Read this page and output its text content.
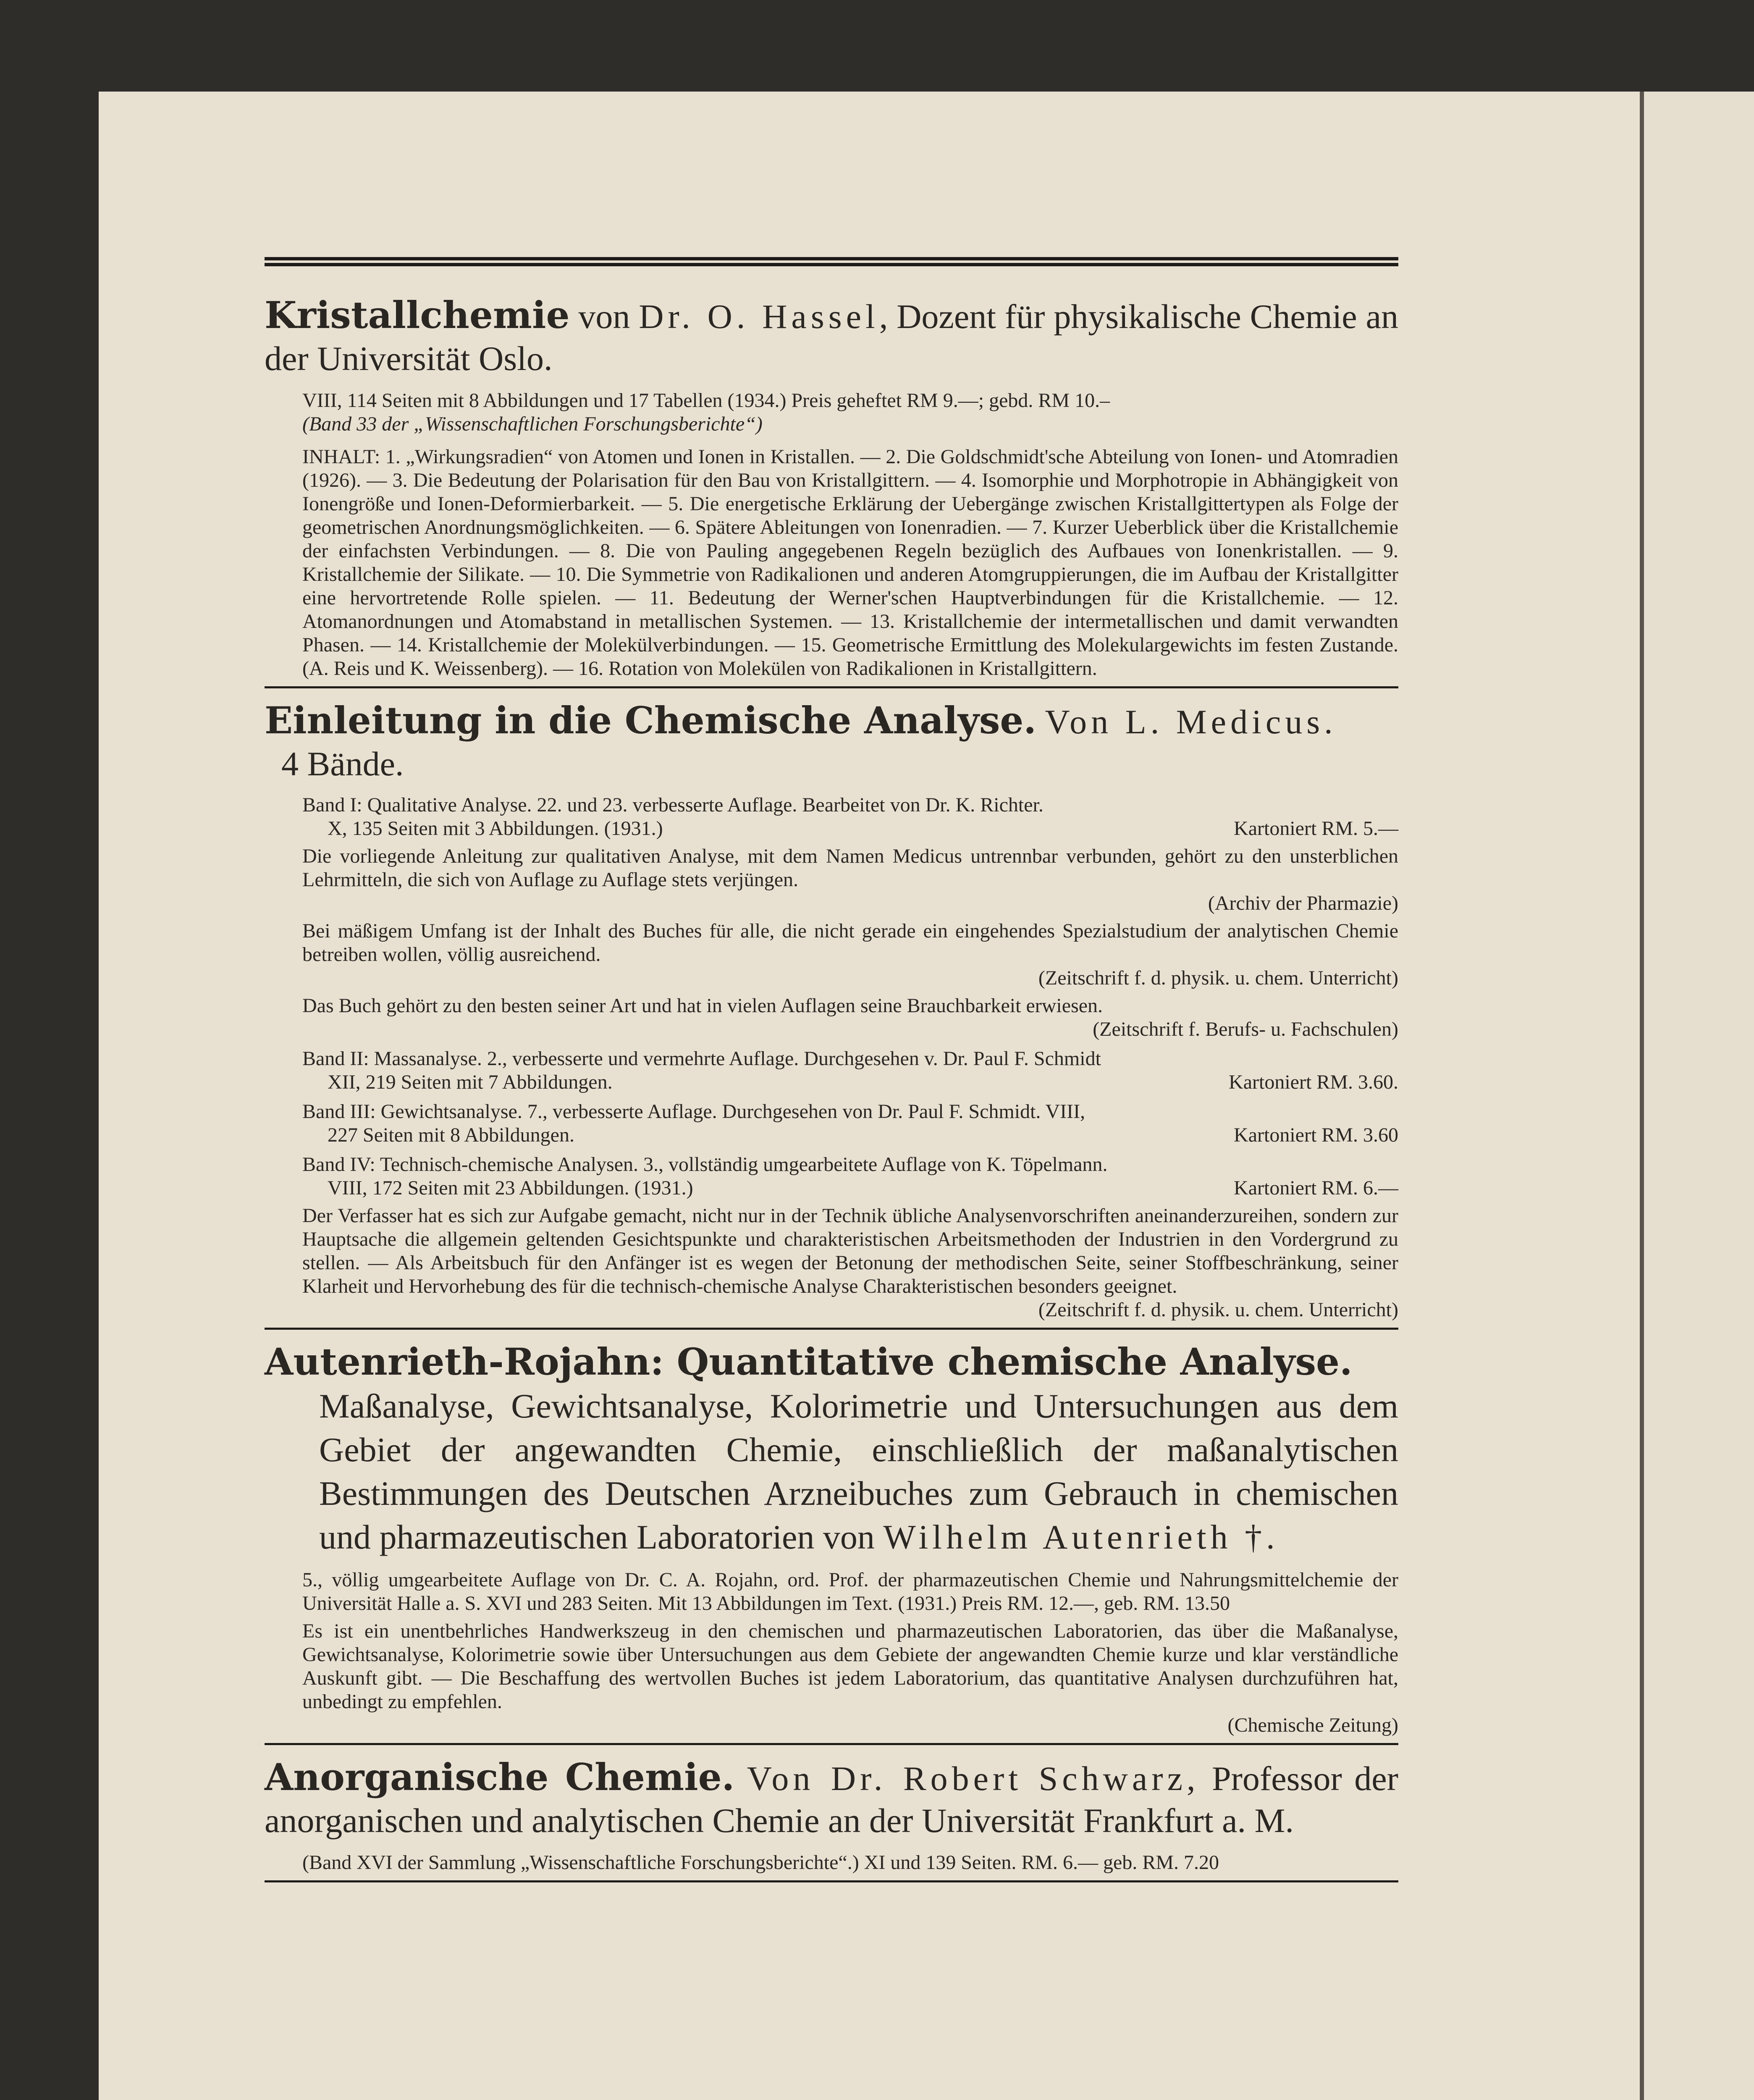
Kristallchemie von Dr. O. Hassel, Dozent für physikalische Chemie an der Universität Oslo.
VIII, 114 Seiten mit 8 Abbildungen und 17 Tabellen (1934.) Preis geheftet RM 9.—; gebd. RM 10.–
(Band 33 der „Wissenschaftlichen Forschungsberichte“)
INHALT: 1. „Wirkungsradien“ von Atomen und Ionen in Kristallen. — 2. Die Goldschmidt'sche Abteilung von Ionen- und Atomradien (1926). — 3. Die Bedeutung der Polarisation für den Bau von Kristallgittern. — 4. Isomorphie und Morphotropie in Abhängigkeit von Ionengröße und Ionen-Deformierbarkeit. — 5. Die energetische Erklärung der Uebergänge zwischen Kristallgittertypen als Folge der geometrischen Anordnungsmöglichkeiten. — 6. Spätere Ableitungen von Ionenradien. — 7. Kurzer Ueberblick über die Kristallchemie der einfachsten Verbindungen. — 8. Die von Pauling angegebenen Regeln bezüglich des Aufbaues von Ionenkristallen. — 9. Kristallchemie der Silikate. — 10. Die Symmetrie von Radikalionen und anderen Atomgruppierungen, die im Aufbau der Kristallgitter eine hervortretende Rolle spielen. — 11. Bedeutung der Werner'schen Hauptverbindungen für die Kristallchemie. — 12. Atomanordnungen und Atomabstand in metallischen Systemen. — 13. Kristallchemie der intermetallischen und damit verwandten Phasen. — 14. Kristallchemie der Molekülverbindungen. — 15. Geometrische Ermittlung des Molekulargewichts im festen Zustande. (A. Reis und K. Weissenberg). — 16. Rotation von Molekülen von Radikalionen in Kristallgittern.
Einleitung in die Chemische Analyse. Von L. Medicus.
4 Bände.
Band I: Qualitative Analyse. 22. und 23. verbesserte Auflage. Bearbeitet von Dr. K. Richter.
X, 135 Seiten mit 3 Abbildungen. (1931.)	Kartoniert RM. 5.—
Die vorliegende Anleitung zur qualitativen Analyse, mit dem Namen Medicus untrennbar verbunden, gehört zu den unsterblichen Lehrmitteln, die sich von Auflage zu Auflage stets verjüngen.
(Archiv der Pharmazie)
Bei mäßigem Umfang ist der Inhalt des Buches für alle, die nicht gerade ein eingehendes Spezialstudium der analytischen Chemie betreiben wollen, völlig ausreichend.
(Zeitschrift f. d. physik. u. chem. Unterricht)
Das Buch gehört zu den besten seiner Art und hat in vielen Auflagen seine Brauchbarkeit erwiesen.
(Zeitschrift f. Berufs- u. Fachschulen)
Band II: Massanalyse. 2., verbesserte und vermehrte Auflage. Durchgesehen v. Dr. Paul F. Schmidt
XII, 219 Seiten mit 7 Abbildungen.	Kartoniert RM. 3.60.
Band III: Gewichtsanalyse. 7., verbesserte Auflage. Durchgesehen von Dr. Paul F. Schmidt. VIII,
227 Seiten mit 8 Abbildungen.	Kartoniert RM. 3.60
Band IV: Technisch-chemische Analysen. 3., vollständig umgearbeitete Auflage von K. Töpelmann.
VIII, 172 Seiten mit 23 Abbildungen. (1931.)	Kartoniert RM. 6.—
Der Verfasser hat es sich zur Aufgabe gemacht, nicht nur in der Technik übliche Analysenvorschriften aneinanderzureihen, sondern zur Hauptsache die allgemein geltenden Gesichtspunkte und charakteristischen Arbeitsmethoden der Industrien in den Vordergrund zu stellen. — Als Arbeitsbuch für den Anfänger ist es wegen der Betonung der methodischen Seite, seiner Stoffbeschränkung, seiner Klarheit und Hervorhebung des für die technisch-chemische Analyse Charakteristischen besonders geeignet.
(Zeitschrift f. d. physik. u. chem. Unterricht)
Autenrieth-Rojahn: Quantitative chemische Analyse.
Maßanalyse, Gewichtsanalyse, Kolorimetrie und Untersuchungen aus dem Gebiet der angewandten Chemie, einschließlich der maßanalytischen Bestimmungen des Deutschen Arzneibuches zum Gebrauch in chemischen und pharmazeutischen Laboratorien von Wilhelm Autenrieth †.
5., völlig umgearbeitete Auflage von Dr. C. A. Rojahn, ord. Prof. der pharmazeutischen Chemie und Nahrungsmittelchemie der Universität Halle a. S. XVI und 283 Seiten. Mit 13 Abbildungen im Text. (1931.) Preis RM. 12.—, geb. RM. 13.50
Es ist ein unentbehrliches Handwerkszeug in den chemischen und pharmazeutischen Laboratorien, das über die Maßanalyse, Gewichtsanalyse, Kolorimetrie sowie über Untersuchungen aus dem Gebiete der angewandten Chemie kurze und klar verständliche Auskunft gibt. — Die Beschaffung des wertvollen Buches ist jedem Laboratorium, das quantitative Analysen durchzuführen hat, unbedingt zu empfehlen.
(Chemische Zeitung)
Anorganische Chemie. Von Dr. Robert Schwarz, Professor der anorganischen und analytischen Chemie an der Universität Frankfurt a. M.
(Band XVI der Sammlung „Wissenschaftliche Forschungsberichte“.) XI und 139 Seiten. RM. 6.— geb. RM. 7.20
